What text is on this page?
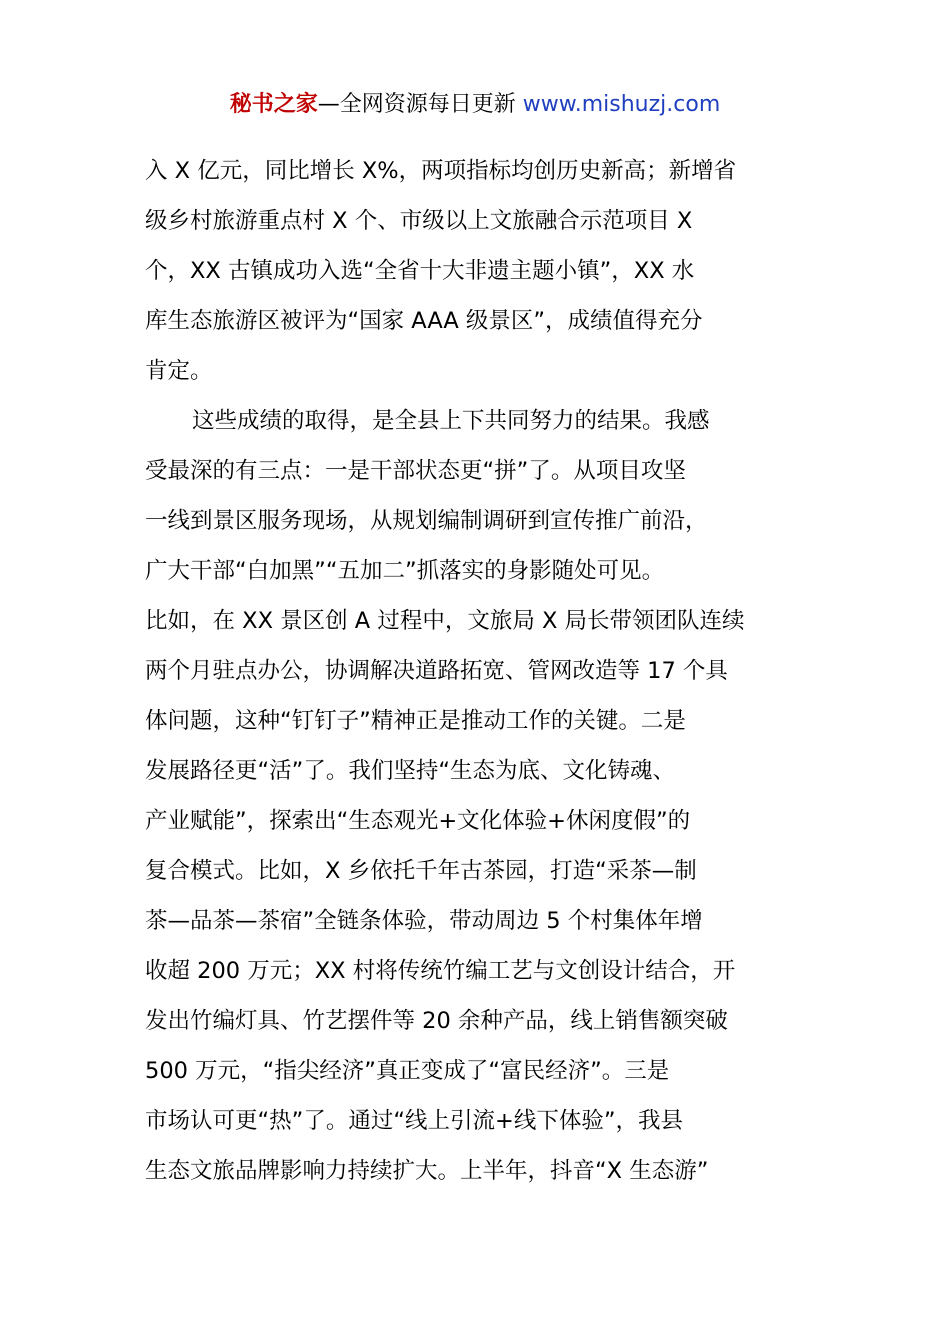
秘书之家—全网资源每日更新 www.mishuzj.com
入 X 亿元，同比增长 X%，两项指标均创历史新高；新增省
级乡村旅游重点村 X 个、市级以上文旅融合示范项目 X
个，XX 古镇成功入选“全省十大非遗主题小镇”，XX 水
库生态旅游区被评为“国家 AAA 级景区”，成绩值得充分
肯定。
这些成绩的取得，是全县上下共同努力的结果。我感
受最深的有三点：一是干部状态更“拼”了。从项目攻坚
一线到景区服务现场，从规划编制调研到宣传推广前沿，
广大干部“白加黑”“五加二”抓落实的身影随处可见。
比如，在 XX 景区创 A 过程中，文旅局 X 局长带领团队连续
两个月驻点办公，协调解决道路拓宽、管网改造等 17 个具
体问题，这种“钉钉子”精神正是推动工作的关键。二是
发展路径更“活”了。我们坚持“生态为底、文化铸魂、
产业赋能”，探索出“生态观光+文化体验+休闲度假”的
复合模式。比如，X 乡依托千年古茶园，打造“采茶—制
茶—品茶—茶宿”全链条体验，带动周边 5 个村集体年增
收超 200 万元；XX 村将传统竹编工艺与文创设计结合，开
发出竹编灯具、竹艺摆件等 20 余种产品，线上销售额突破
500 万元，“指尖经济”真正变成了“富民经济”。三是
市场认可更“热”了。通过“线上引流+线下体验”，我县
生态文旅品牌影响力持续扩大。上半年，抖音“X 生态游”
